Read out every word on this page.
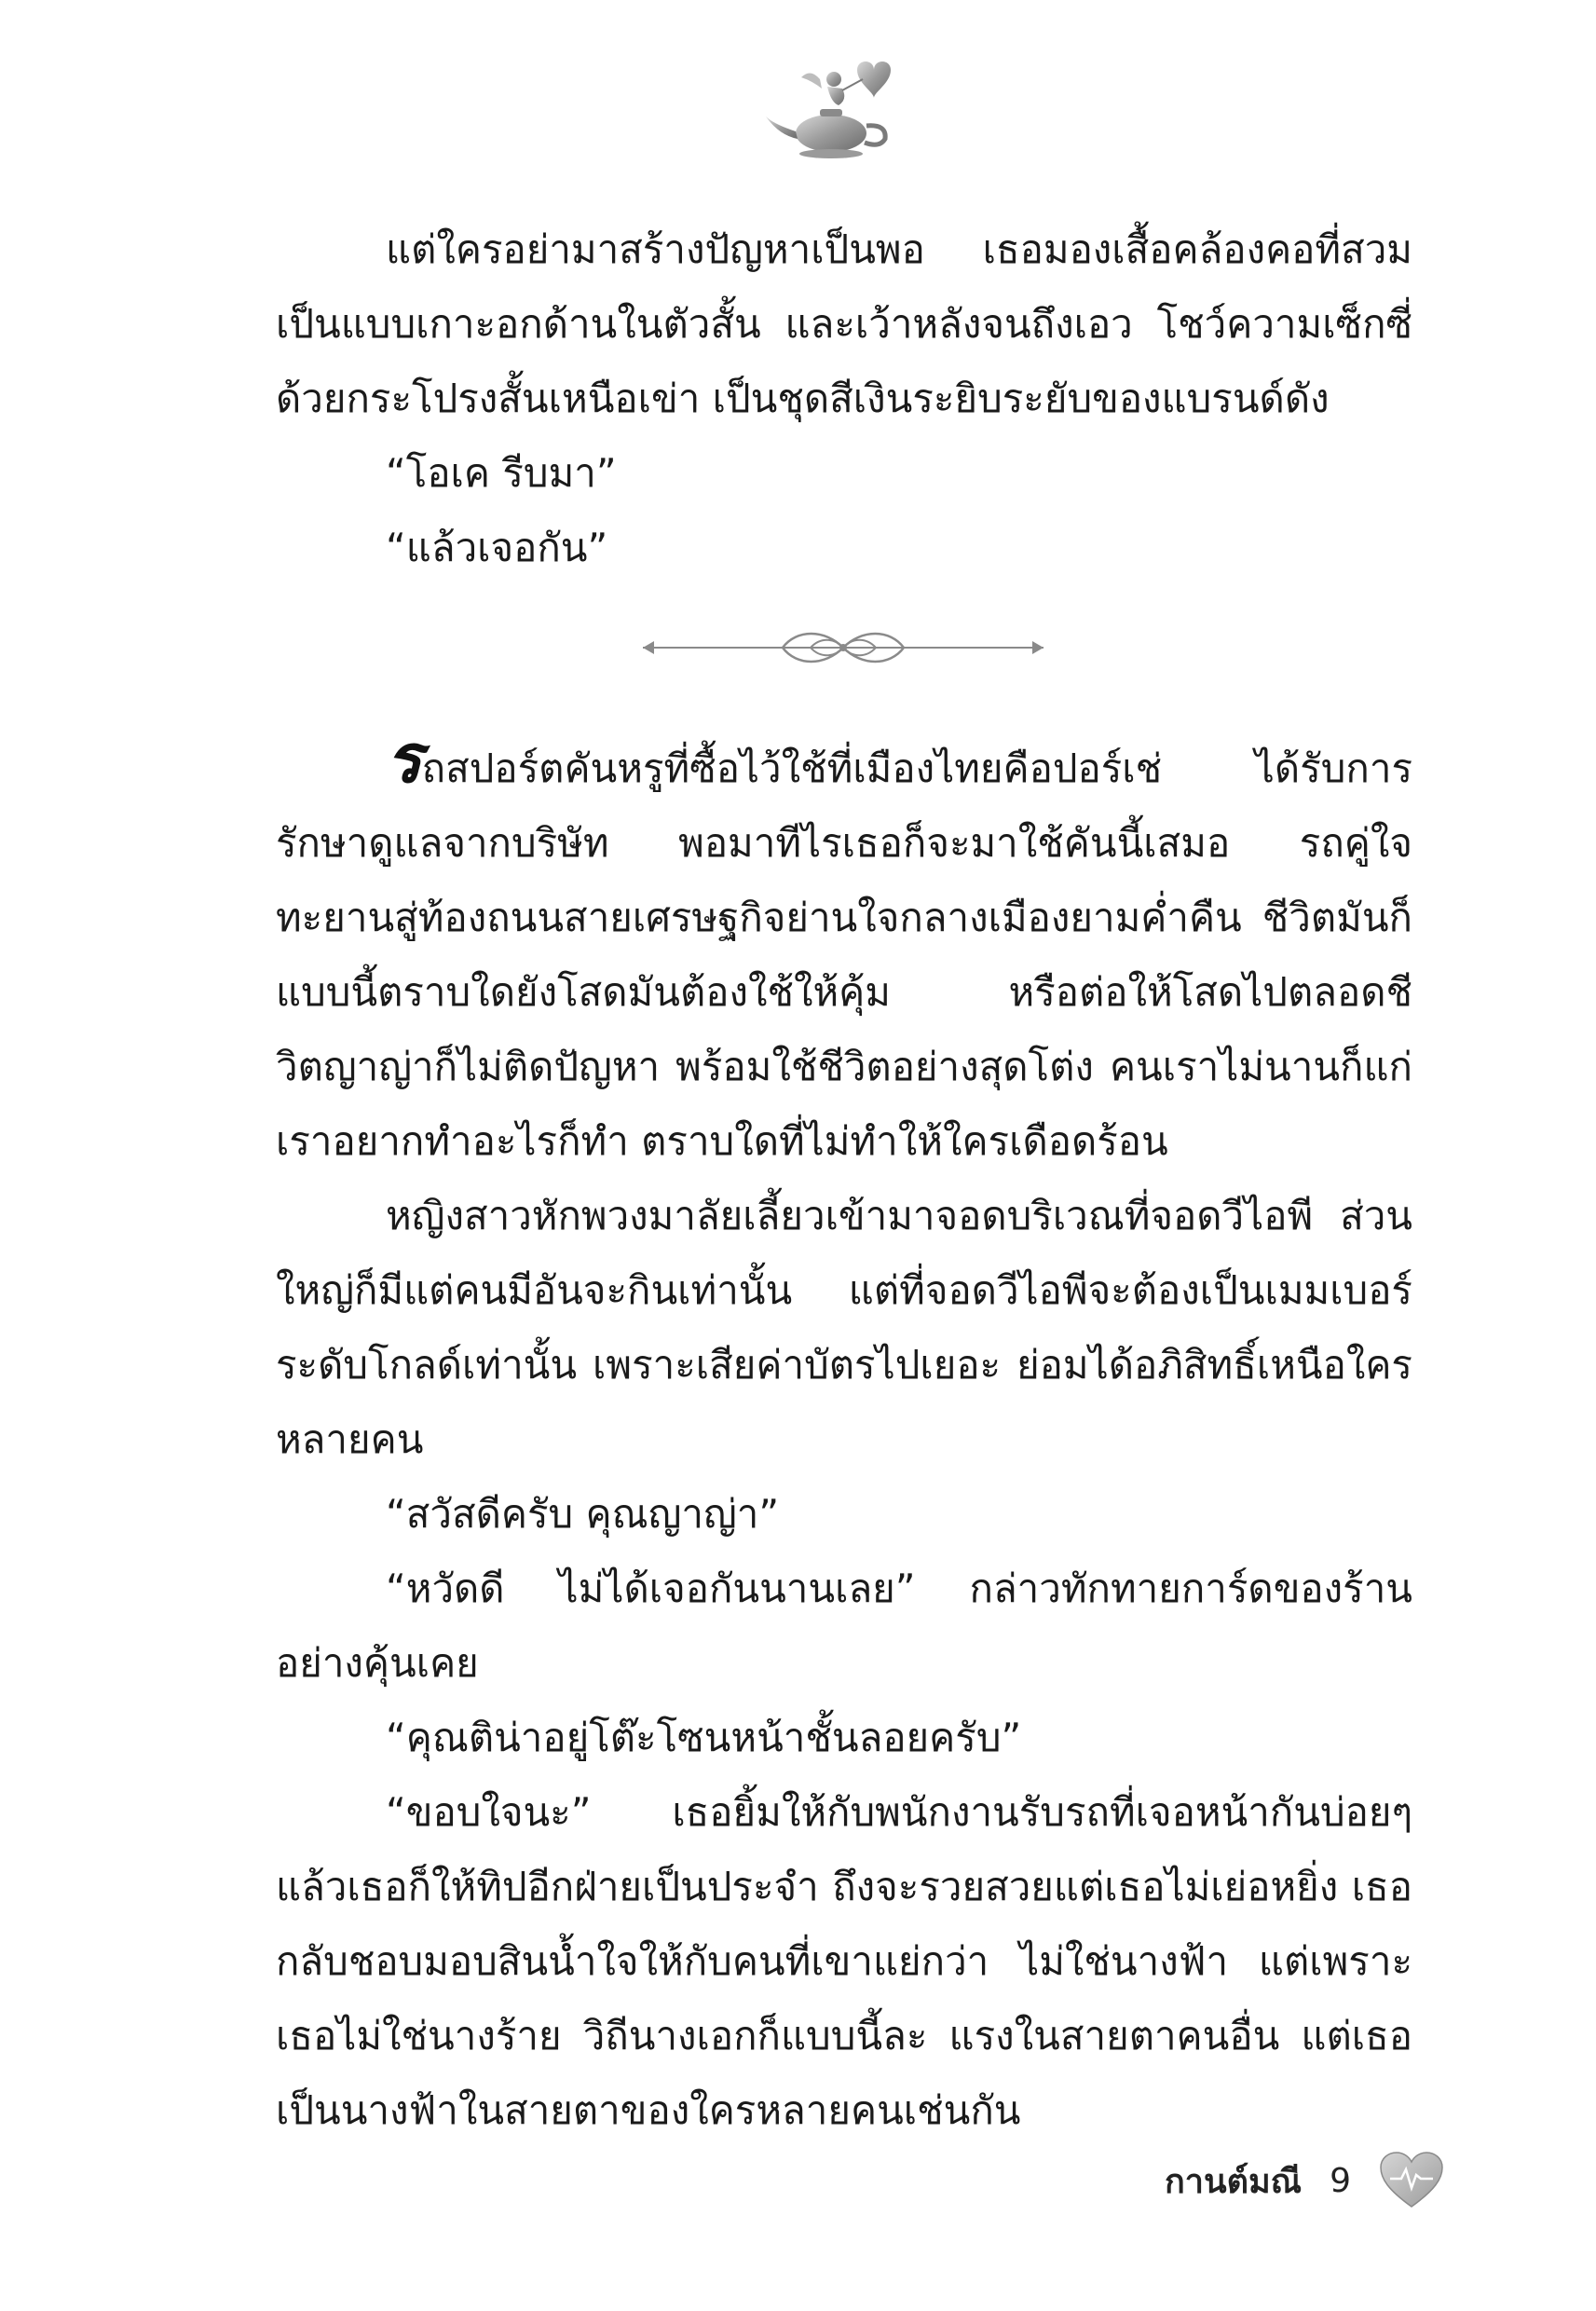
แต่ใครอย่ามาสร้างปัญหาเป็นพอ เธอมองเสื้อคล้องคอที่สวมเป็นแบบเกาะอกด้านในตัวสั้น และเว้าหลังจนถึงเอว โชว์ความเซ็กซี่ด้วยกระโปรงสั้นเหนือเข่า เป็นชุดสีเงินระยิบระยับของแบรนด์ดัง

“โอเค รีบมา”

“แล้วเจอกัน”

รถสปอร์ตคันหรูที่ซื้อไว้ใช้ที่เมืองไทยคือปอร์เช่ ได้รับการรักษาดูแลจากบริษัท พอมาทีไรเธอก็จะมาใช้คันนี้เสมอ รถคู่ใจทะยานสู่ท้องถนนสายเศรษฐกิจย่านใจกลางเมืองยามค่ำคืน ชีวิตมันก็แบบนี้ตราบใดยังโสดมันต้องใช้ให้คุ้ม หรือต่อให้โสดไปตลอดชีวิตญาญ่าก็ไม่ติดปัญหา พร้อมใช้ชีวิตอย่างสุดโต่ง คนเราไม่นานก็แก่ เราอยากทำอะไรก็ทำ ตราบใดที่ไม่ทำให้ใครเดือดร้อน

หญิงสาวหักพวงมาลัยเลี้ยวเข้ามาจอดบริเวณที่จอดวีไอพี ส่วนใหญ่ก็มีแต่คนมีอันจะกินเท่านั้น แต่ที่จอดวีไอพีจะต้องเป็นเมมเบอร์ระดับโกลด์เท่านั้น เพราะเสียค่าบัตรไปเยอะ ย่อมได้อภิสิทธิ์เหนือใครหลายคน

“สวัสดีครับ คุณญาญ่า”

“หวัดดี ไม่ได้เจอกันนานเลย” กล่าวทักทายการ์ดของร้านอย่างคุ้นเคย

“คุณติน่าอยู่โต๊ะโซนหน้าชั้นลอยครับ”

“ขอบใจนะ” เธอยิ้มให้กับพนักงานรับรถที่เจอหน้ากันบ่อยๆ แล้วเธอก็ให้ทิปอีกฝ่ายเป็นประจำ ถึงจะรวยสวยแต่เธอไม่เย่อหยิ่ง เธอกลับชอบมอบสินน้ำใจให้กับคนที่เขาแย่กว่า ไม่ใช่นางฟ้า แต่เพราะเธอไม่ใช่นางร้าย วิถีนางเอกก็แบบนี้ละ แรงในสายตาคนอื่น แต่เธอเป็นนางฟ้าในสายตาของใครหลายคนเช่นกัน

กานต์มณี 9
